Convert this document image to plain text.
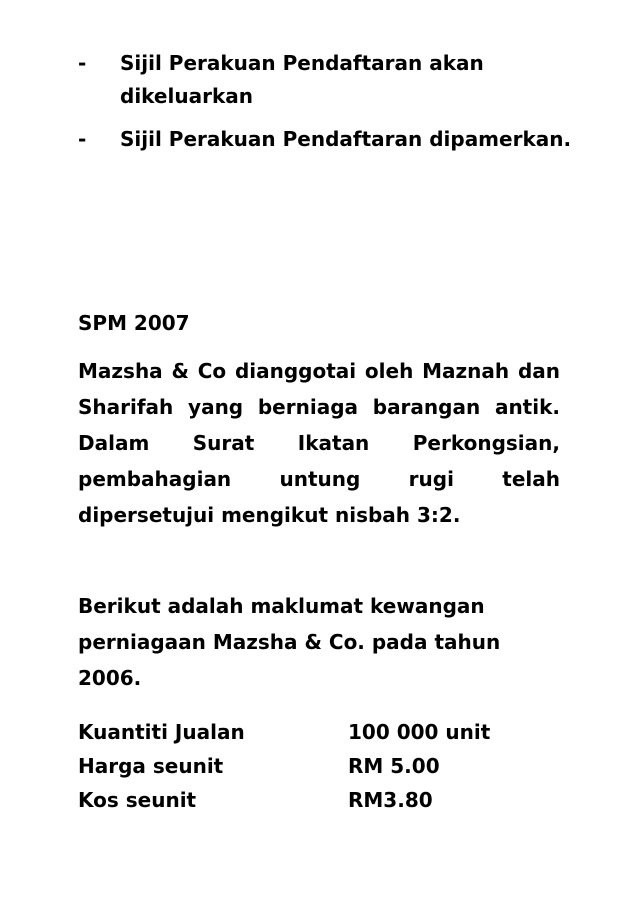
- Sijil Perakuan Pendaftaran akan dikeluarkan
- Sijil Perakuan Pendaftaran dipamerkan.
SPM 2007
Mazsha & Co dianggotai oleh Maznah dan Sharifah yang berniaga barangan antik. Dalam Surat Ikatan Perkongsian, pembahagian untung rugi telah dipersetujui mengikut nisbah 3:2.
Berikut adalah maklumat kewangan perniagaan Mazsha & Co. pada tahun 2006.
Kuantiti Jualan	100 000 unit
Harga seunit	RM 5.00
Kos seunit	RM3.80
